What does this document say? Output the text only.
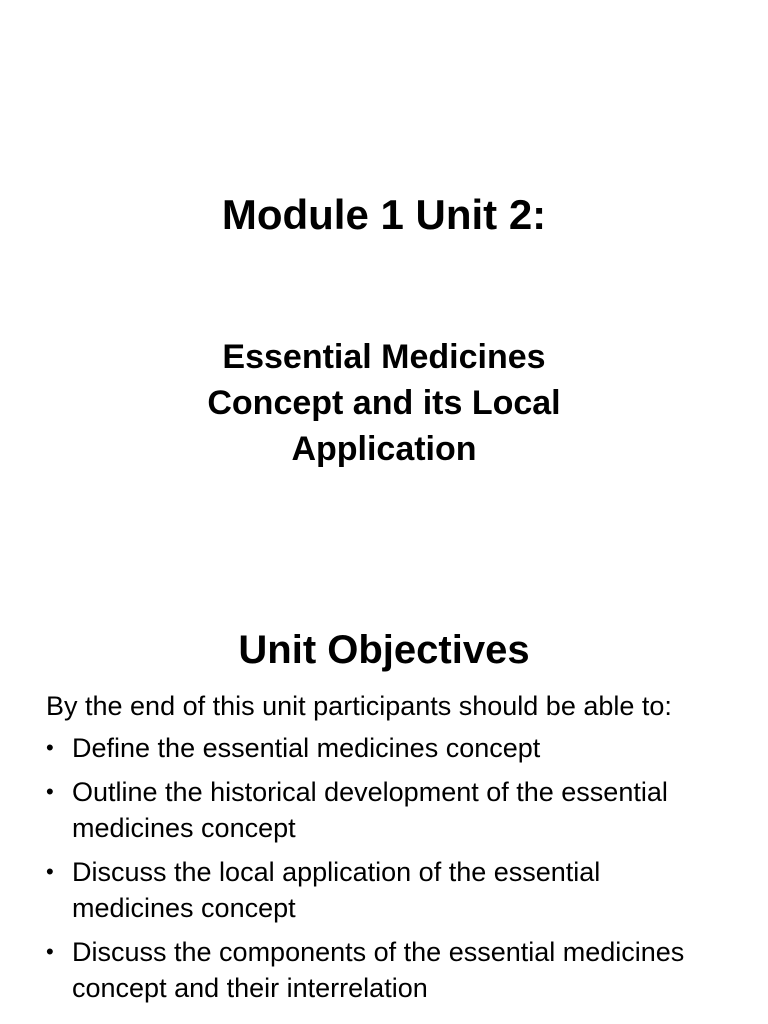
Module 1 Unit 2:
Essential Medicines
Concept and its Local
Application
Unit Objectives

By the end of this unit participants should be able to:

• Define the essential medicines concept
• Outline the historical development of the essential medicines concept
• Discuss the local application of the essential medicines concept
• Discuss the components of the essential medicines concept and their interrelation
